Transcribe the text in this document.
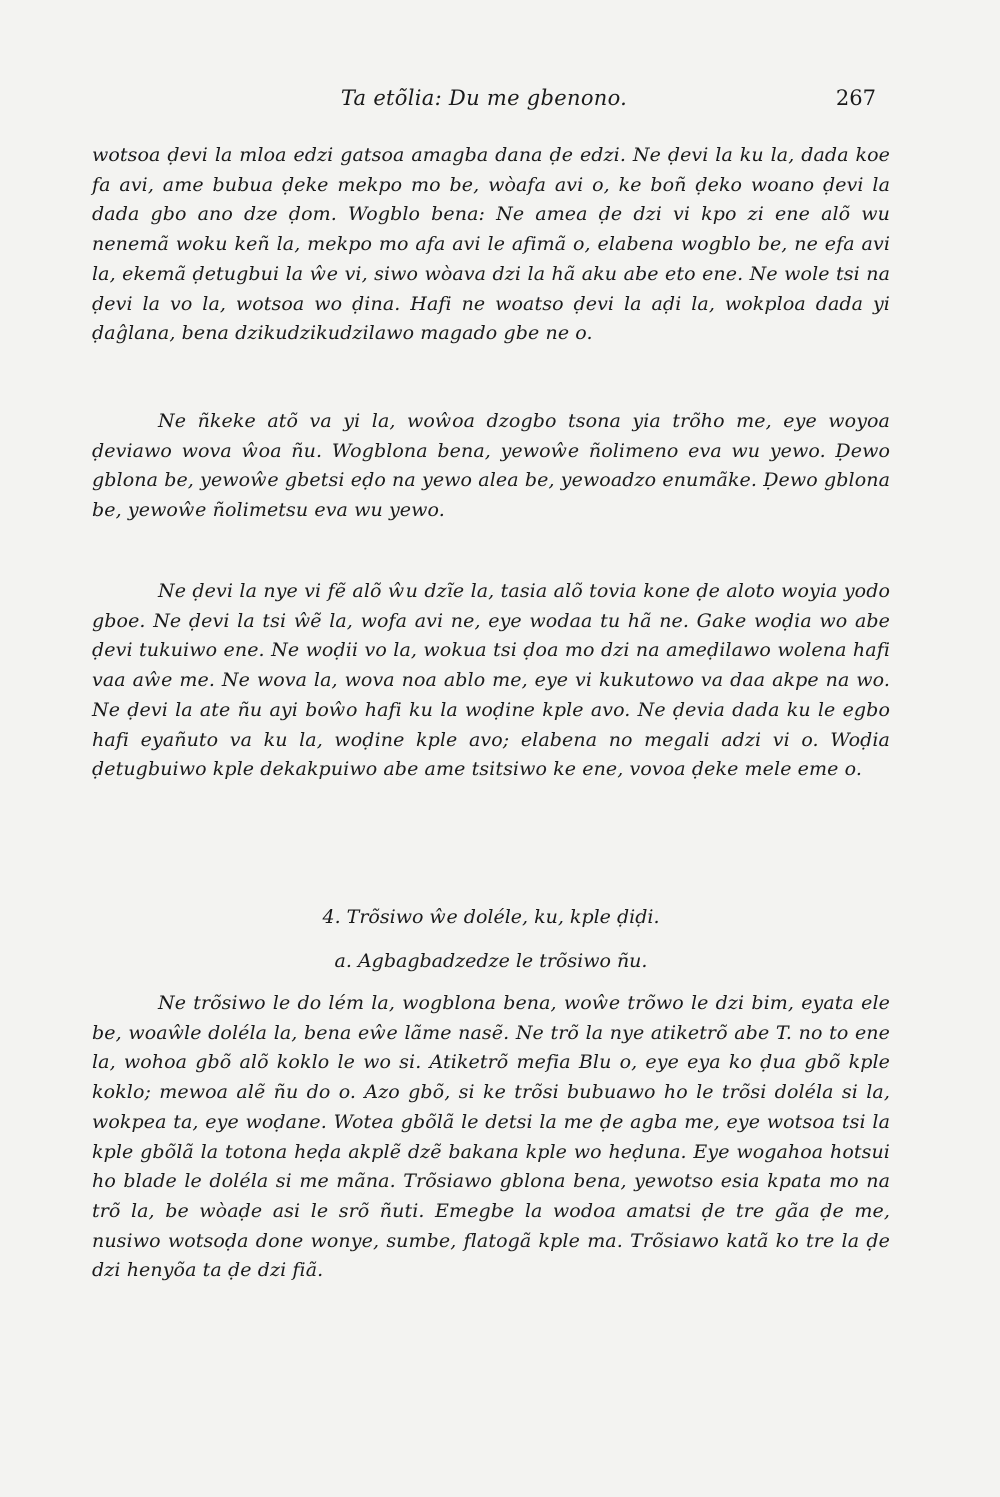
Ta etõlia: Du me gbenono.	267

wotsoa ḍevi la mloa edzi gatsoa amagba dana ḍe edzi. Ne ḍevi la ku la, dada koe fa avi, ame bubua ḍeke mekpo mo be, wòafa avi o, ke boñ ḍeko woano ḍevi la dada gbo ano dze ḍom. Wogblo bena: Ne amea ḍe dzi vi kpo zi ene alõ wu nenemã woku keñ la, mekpo mo afa avi le afimã o, elabena wogblo be, ne efa avi la, ekemã ḍetugbui la ŵe vi, siwo wòava dzi la hã aku abe eto ene. Ne wole tsi na ḍevi la vo la, wotsoa wo ḍina. Hafi ne woatso ḍevi la aḍi la, wokploa dada yi ḍaĝlana, bena dzikudzikudzilawo magado gbe ne o.

Ne ñkeke atõ va yi la, woŵoa dzogbo tsona yia trõho me, eye woyoa ḍeviawo wova ŵoa ñu. Wogblona bena, yewoŵe ñolimeno eva wu yewo. Ḍewo gblona be, yewoŵe gbetsi eḍo na yewo alea be, yewoadzo enumãke. Ḍewo gblona be, yewoŵe ñolimetsu eva wu yewo.

Ne ḍevi la nye vi fẽ alõ ŵu dzĩe la, tasia alõ tovia kone ḍe aloto woyia yodo gboe. Ne ḍevi la tsi ŵẽ la, wofa avi ne, eye wodaa tu hã ne. Gake woḍia wo abe ḍevi tukuiwo ene. Ne woḍii vo la, wokua tsi ḍoa mo dzi na ameḍilawo wolena hafi vaa aŵe me. Ne wova la, wova noa ablo me, eye vi kukutowo va daa akpe na wo. Ne ḍevi la ate ñu ayi boŵo hafi ku la woḍine kple avo. Ne ḍevia dada ku le egbo hafi eyañuto va ku la, woḍine kple avo; elabena no megali adzi vi o. Woḍia ḍetugbuiwo kple dekakpuiwo abe ame tsitsiwo ke ene, vovoa ḍeke mele eme o.

4. Trõsiwo ŵe doléle, ku, kple ḍiḍi.
a. Agbagbadzedze le trõsiwo ñu.

Ne trõsiwo le do lém la, wogblona bena, woŵe trõwo le dzi bim, eyata ele be, woaŵle doléla la, bena eŵe lãme nasẽ. Ne trõ la nye atiketrõ abe T. no to ene la, wohoa gbõ alõ koklo le wo si. Atiketrõ mefia Blu o, eye eya ko ḍua gbõ kple koklo; mewoa alẽ ñu do o. Azo gbõ, si ke trõsi bubuawo ho le trõsi doléla si la, wokpea ta, eye woḍane. Wotea gbõlã le detsi la me ḍe agba me, eye wotsoa tsi la kple gbõlã la totona heḍa akplẽ dzẽ bakana kple wo heḍuna. Eye wogahoa hotsui ho blade le doléla si me mãna. Trõsiawo gblona bena, yewotso esia kpata mo na trõ la, be wòaḍe asi le srõ ñuti. Emegbe la wodoa amatsi ḍe tre gãa ḍe me, nusiwo wotsoḍa done wonye, sumbe, flatogã kple ma. Trõsiawo katã ko tre la ḍe dzi henyõa ta ḍe dzi fiã.
